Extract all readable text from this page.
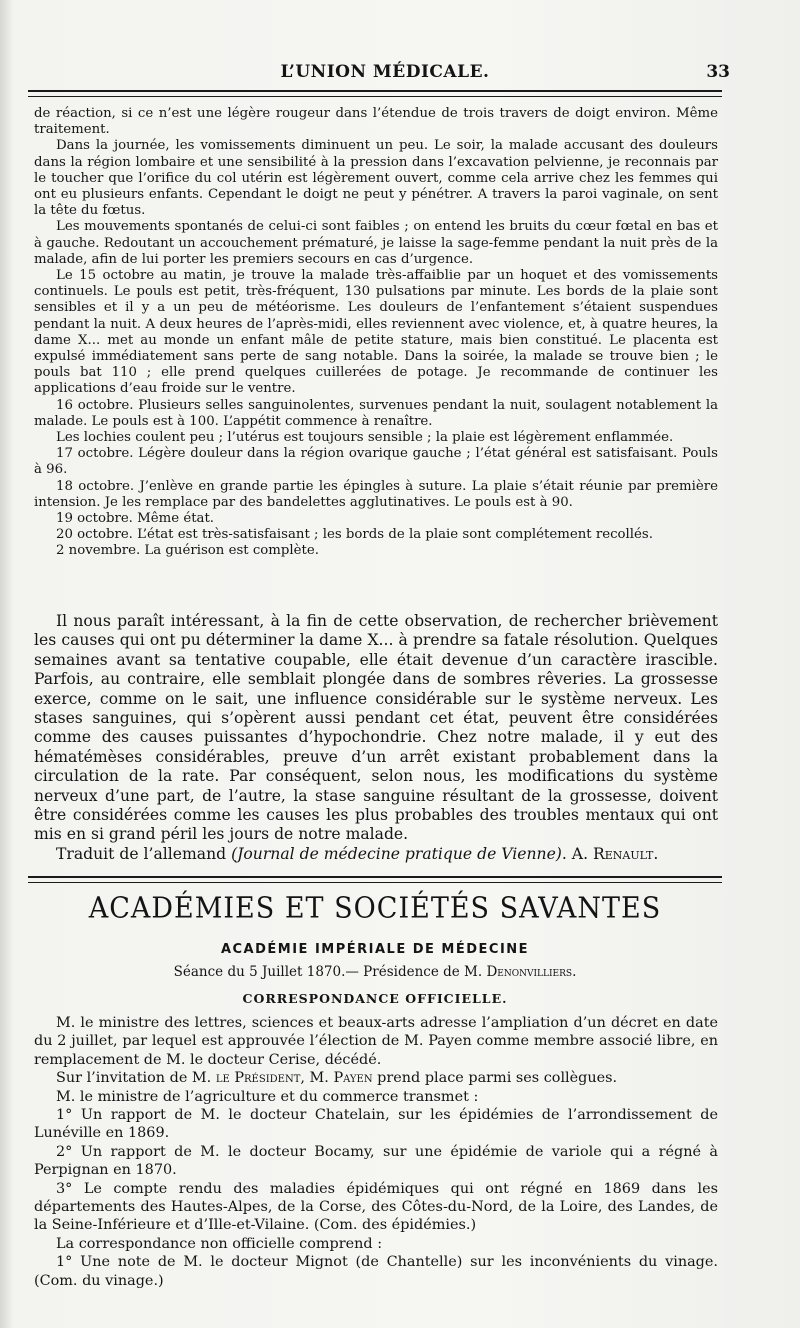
L’UNION MÉDICALE.	33

de réaction, si ce n’est une légère rougeur dans l’étendue de trois travers de doigt environ. Même traitement.

Dans la journée, les vomissements diminuent un peu. Le soir, la malade accusant des douleurs dans la région lombaire et une sensibilité à la pression dans l’excavation pelvienne, je reconnais par le toucher que l’orifice du col utérin est légèrement ouvert, comme cela arrive chez les femmes qui ont eu plusieurs enfants. Cependant le doigt ne peut y pénétrer. A travers la paroi vaginale, on sent la tête du fœtus.

Les mouvements spontanés de celui-ci sont faibles ; on entend les bruits du cœur fœtal en bas et à gauche. Redoutant un accouchement prématuré, je laisse la sage-femme pendant la nuit près de la malade, afin de lui porter les premiers secours en cas d’urgence.

Le 15 octobre au matin, je trouve la malade très-affaiblie par un hoquet et des vomissements continuels. Le pouls est petit, très-fréquent, 130 pulsations par minute. Les bords de la plaie sont sensibles et il y a un peu de météorisme. Les douleurs de l’enfantement s’étaient suspendues pendant la nuit. A deux heures de l’après-midi, elles reviennent avec violence, et, à quatre heures, la dame X... met au monde un enfant mâle de petite stature, mais bien constitué. Le placenta est expulsé immédiatement sans perte de sang notable. Dans la soirée, la malade se trouve bien ; le pouls bat 110 ; elle prend quelques cuillerées de potage. Je recommande de continuer les applications d’eau froide sur le ventre.

16 octobre. Plusieurs selles sanguinolentes, survenues pendant la nuit, soulagent notablement la malade. Le pouls est à 100. L’appétit commence à renaître.

Les lochies coulent peu ; l’utérus est toujours sensible ; la plaie est légèrement enflammée.

17 octobre. Légère douleur dans la région ovarique gauche ; l’état général est satisfaisant. Pouls à 96.

18 octobre. J’enlève en grande partie les épingles à suture. La plaie s’était réunie par première intension. Je les remplace par des bandelettes agglutinatives. Le pouls est à 90.

19 octobre. Même état.

20 octobre. L’état est très-satisfaisant ; les bords de la plaie sont complétement recollés.

2 novembre. La guérison est complète.

Il nous paraît intéressant, à la fin de cette observation, de rechercher brièvement les causes qui ont pu déterminer la dame X... à prendre sa fatale résolution. Quelques semaines avant sa tentative coupable, elle était devenue d’un caractère irascible. Parfois, au contraire, elle semblait plongée dans de sombres rêveries. La grossesse exerce, comme on le sait, une influence considérable sur le système nerveux. Les stases sanguines, qui s’opèrent aussi pendant cet état, peuvent être considérées comme des causes puissantes d’hypochondrie. Chez notre malade, il y eut des hématémèses considérables, preuve d’un arrêt existant probablement dans la circulation de la rate. Par conséquent, selon nous, les modifications du système nerveux d’une part, de l’autre, la stase sanguine résultant de la grossesse, doivent être considérées comme les causes les plus probables des troubles mentaux qui ont mis en si grand péril les jours de notre malade.

Traduit de l’allemand (Journal de médecine pratique de Vienne). A. Renault.

ACADÉMIES ET SOCIÉTÉS SAVANTES
ACADÉMIE IMPÉRIALE DE MÉDECINE
Séance du 5 Juillet 1870.— Présidence de M. Denonvilliers.
CORRESPONDANCE OFFICIELLE.

M. le ministre des lettres, sciences et beaux-arts adresse l’ampliation d’un décret en date du 2 juillet, par lequel est approuvée l’élection de M. Payen comme membre associé libre, en remplacement de M. le docteur Cerise, décédé.

Sur l’invitation de M. le Président, M. Payen prend place parmi ses collègues.

M. le ministre de l’agriculture et du commerce transmet :

1° Un rapport de M. le docteur Chatelain, sur les épidémies de l’arrondissement de Lunéville en 1869.

2° Un rapport de M. le docteur Bocamy, sur une épidémie de variole qui a régné à Perpignan en 1870.

3° Le compte rendu des maladies épidémiques qui ont régné en 1869 dans les départements des Hautes-Alpes, de la Corse, des Côtes-du-Nord, de la Loire, des Landes, de la Seine-Inférieure et d’Ille-et-Vilaine. (Com. des épidémies.)

La correspondance non officielle comprend :

1° Une note de M. le docteur Mignot (de Chantelle) sur les inconvénients du vinage. (Com. du vinage.)
